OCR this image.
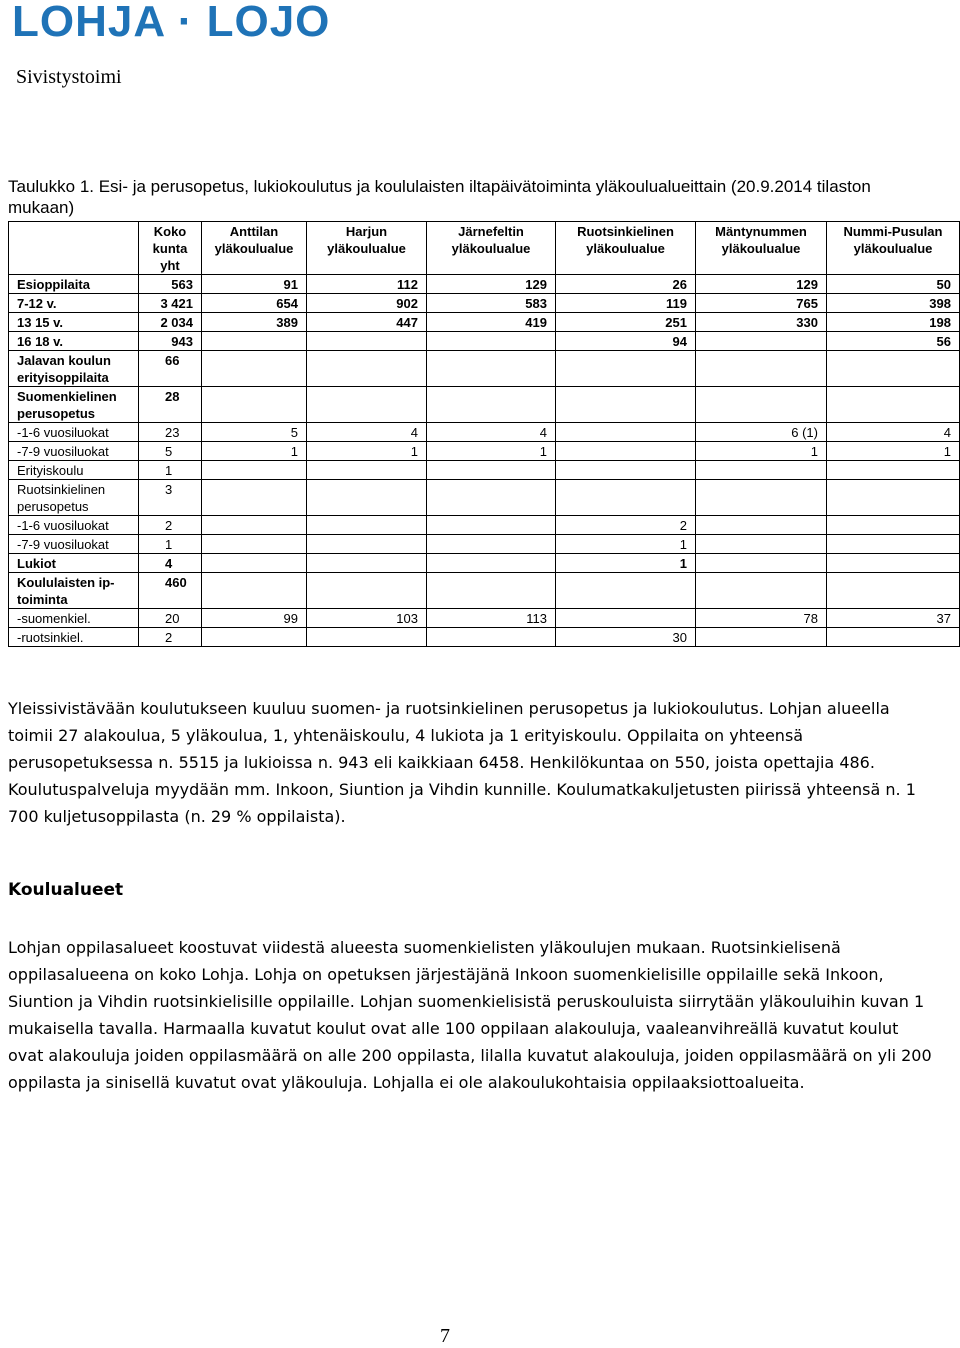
LOHJA · LOJO
Sivistystoimi
Taulukko 1. Esi- ja perusopetus, lukiokoulutus ja koululaisten iltapäivätoiminta yläkoulualueittain (20.9.2014 tilaston mukaan)
	Koko kunta yht	Anttilan yläkoulualue	Harjun yläkoulualue	Järnefeltin yläkoulualue	Ruotsinkielinen yläkoulualue	Mäntynummen yläkoulualue	Nummi-Pusulan yläkoulualue
Esioppilaita	563	91	112	129	26	129	50
7-12 v.	3 421	654	902	583	119	765	398
13 15 v.	2 034	389	447	419	251	330	198
16 18 v.	943				94		56
Jalavan koulun erityisoppilaita	66						
Suomenkielinen perusopetus	28						
-1-6 vuosiluokat	23	5	4	4		6 (1)	4
-7-9 vuosiluokat	5	1	1	1		1	1
Erityiskoulu	1						
Ruotsinkielinen perusopetus	3						
-1-6 vuosiluokat	2				2		
-7-9 vuosiluokat	1				1		
Lukiot	4				1		
Koululaisten ip-toiminta	460						
-suomenkiel.	20	99	103	113		78	37
-ruotsinkiel.	2				30		
Yleissivistävään koulutukseen kuuluu suomen- ja ruotsinkielinen perusopetus ja lukiokoulutus. Lohjan alueella toimii 27 alakoulua, 5 yläkoulua, 1, yhtenäiskoulu, 4 lukiota ja 1 erityiskoulu. Oppilaita on yhteensä perusopetuksessa n. 5515 ja lukioissa n. 943 eli kaikkiaan 6458. Henkilökuntaa on 550, joista opettajia 486. Koulutuspalveluja myydään mm. Inkoon, Siuntion ja Vihdin kunnille. Koulumatkakuljetusten piirissä yhteensä n. 1 700 kuljetusoppilasta (n. 29 % oppilaista).
Koulualueet
Lohjan oppilasalueet koostuvat viidestä alueesta suomenkielisten yläkoulujen mukaan. Ruotsinkielisenä oppilasalueena on koko Lohja. Lohja on opetuksen järjestäjänä Inkoon suomenkielisille oppilaille sekä Inkoon, Siuntion ja Vihdin ruotsinkielisille oppilaille. Lohjan suomenkielisistä peruskouluista siirrytään yläkouluihin kuvan 1 mukaisella tavalla. Harmaalla kuvatut koulut ovat alle 100 oppilaan alakouluja, vaaleanvihreällä kuvatut koulut ovat alakouluja joiden oppilasmäärä on alle 200 oppilasta, lilalla kuvatut alakouluja, joiden oppilasmäärä on yli 200 oppilasta ja sinisellä kuvatut ovat yläkouluja. Lohjalla ei ole alakoulukohtaisia oppilaaksiottoalueita.
7
